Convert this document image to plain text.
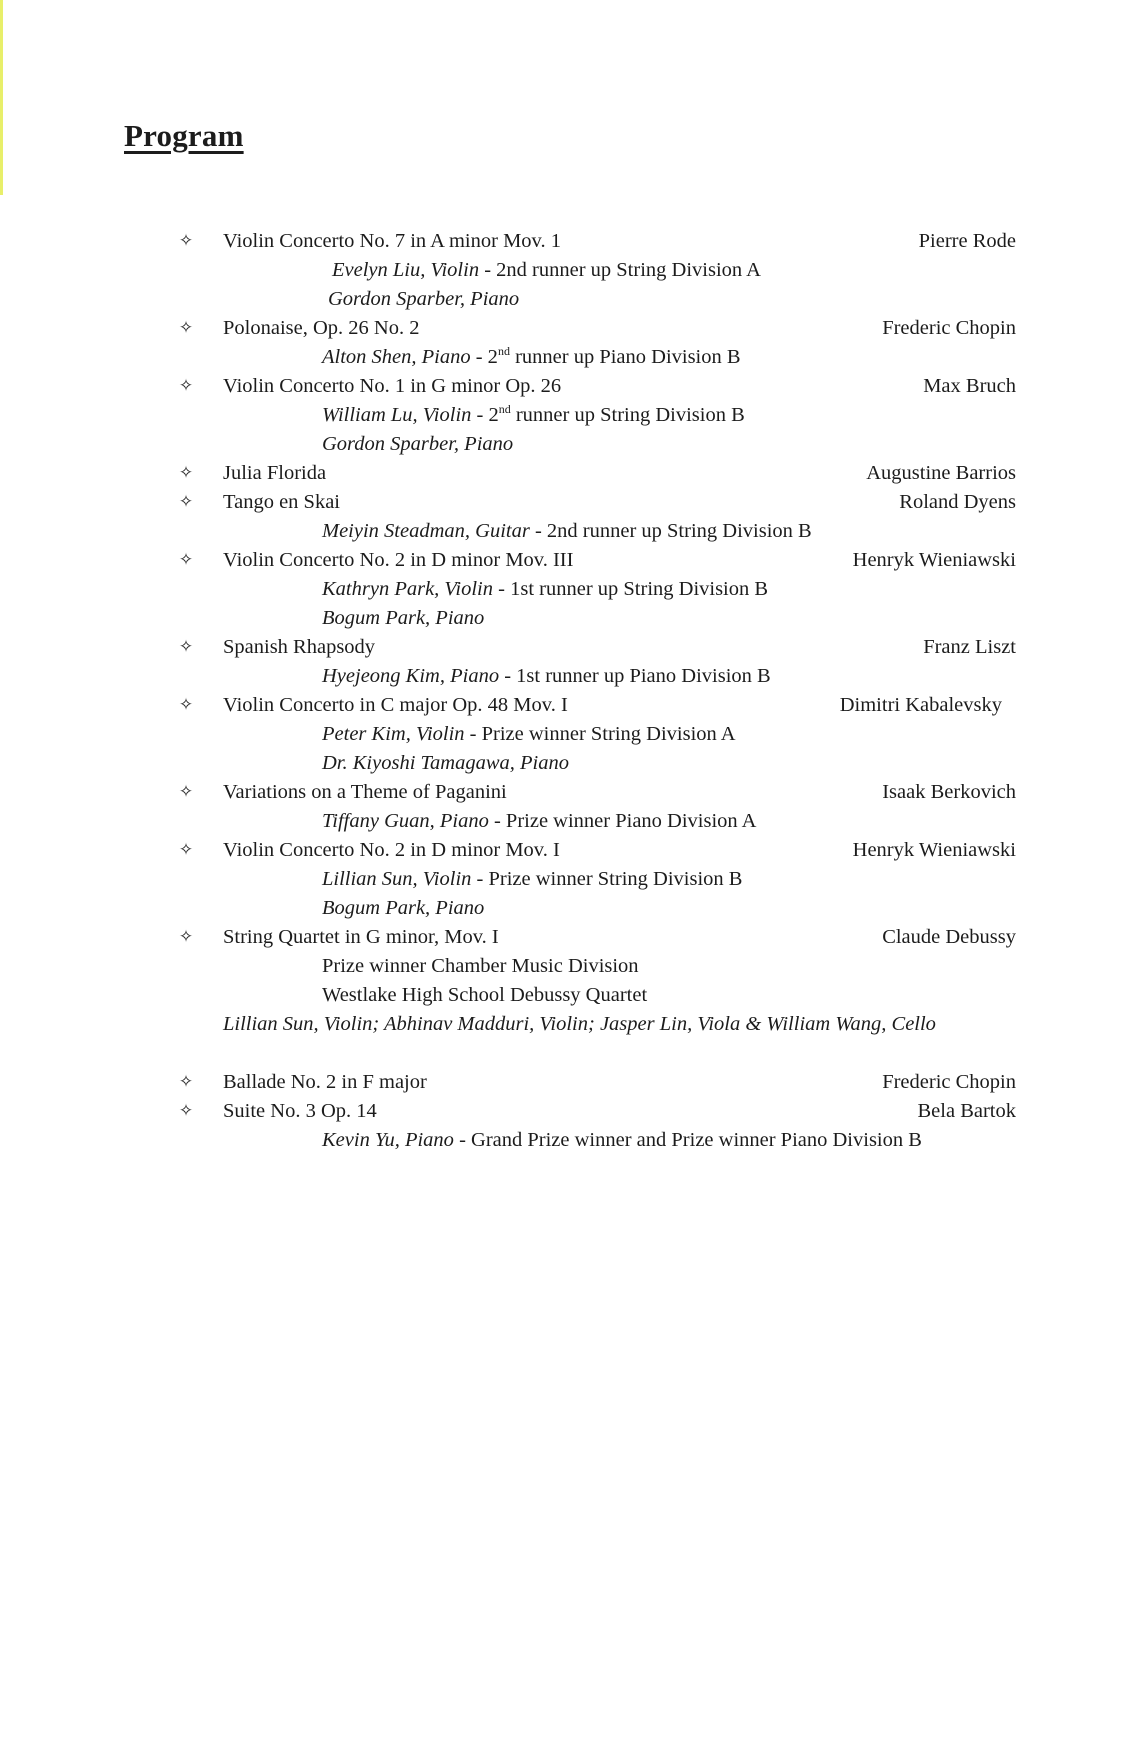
Program
✧ Violin Concerto No. 7 in A minor Mov. 1	Pierre Rode
Evelyn Liu, Violin - 2nd runner up String Division A
Gordon Sparber, Piano
✧ Polonaise, Op. 26 No. 2	Frederic Chopin
Alton Shen, Piano - 2nd runner up Piano Division B
✧ Violin Concerto No. 1 in G minor Op. 26	Max Bruch
William Lu, Violin - 2nd runner up String Division B
Gordon Sparber, Piano
✧ Julia Florida	Augustine Barrios
✧ Tango en Skai	Roland Dyens
Meiyin Steadman, Guitar - 2nd runner up String Division B
✧ Violin Concerto No. 2 in D minor Mov. III	Henryk Wieniawski
Kathryn Park, Violin - 1st runner up String Division B
Bogum Park, Piano
✧ Spanish Rhapsody	Franz Liszt
Hyejeong Kim, Piano - 1st runner up Piano Division B
✧ Violin Concerto in C major Op. 48 Mov. I	Dimitri Kabalevsky
Peter Kim, Violin - Prize winner String Division A
Dr. Kiyoshi Tamagawa, Piano
✧ Variations on a Theme of Paganini	Isaak Berkovich
Tiffany Guan, Piano - Prize winner Piano Division A
✧ Violin Concerto No. 2 in D minor Mov. I	Henryk Wieniawski
Lillian Sun, Violin - Prize winner String Division B
Bogum Park, Piano
✧ String Quartet in G minor, Mov. I	Claude Debussy
Prize winner Chamber Music Division
Westlake High School Debussy Quartet
Lillian Sun, Violin; Abhinav Madduri, Violin; Jasper Lin, Viola & William Wang, Cello
✧ Ballade No. 2 in F major	Frederic Chopin
✧ Suite No. 3 Op. 14	Bela Bartok
Kevin Yu, Piano - Grand Prize winner and Prize winner Piano Division B
